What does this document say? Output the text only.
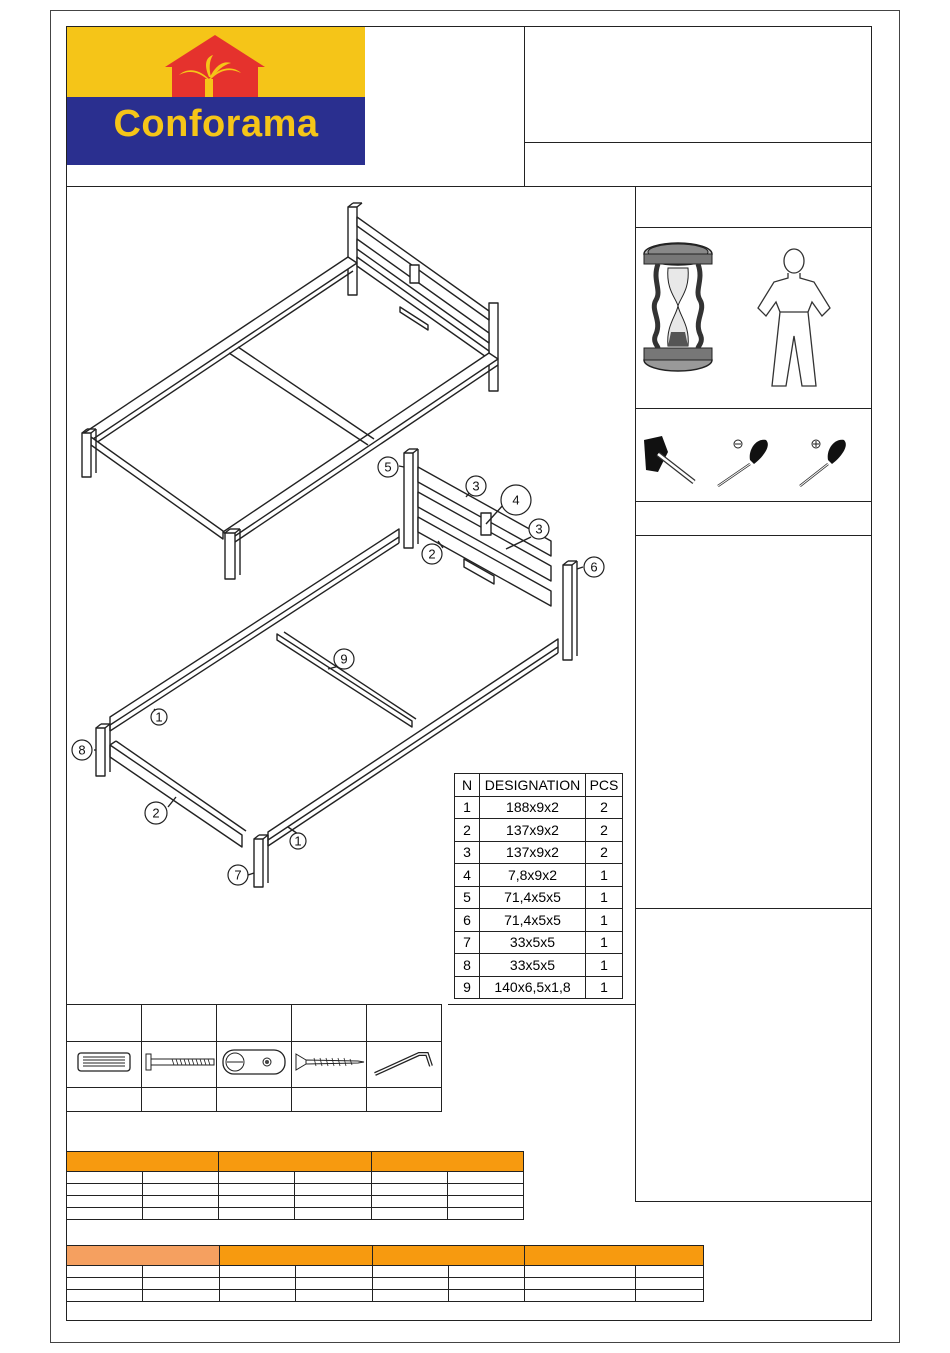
Conforama
5
3
4
3
2
6
9
1
8
2
1
7
N	DESIGNATION	PCS
1	188x9x2	2
2	137x9x2	2
3	137x9x2	2
4	7,8x9x2	1
5	71,4x5x5	1
6	71,4x5x5	1
7	33x5x5	1
8	33x5x5	1
9	140x6,5x1,8	1
